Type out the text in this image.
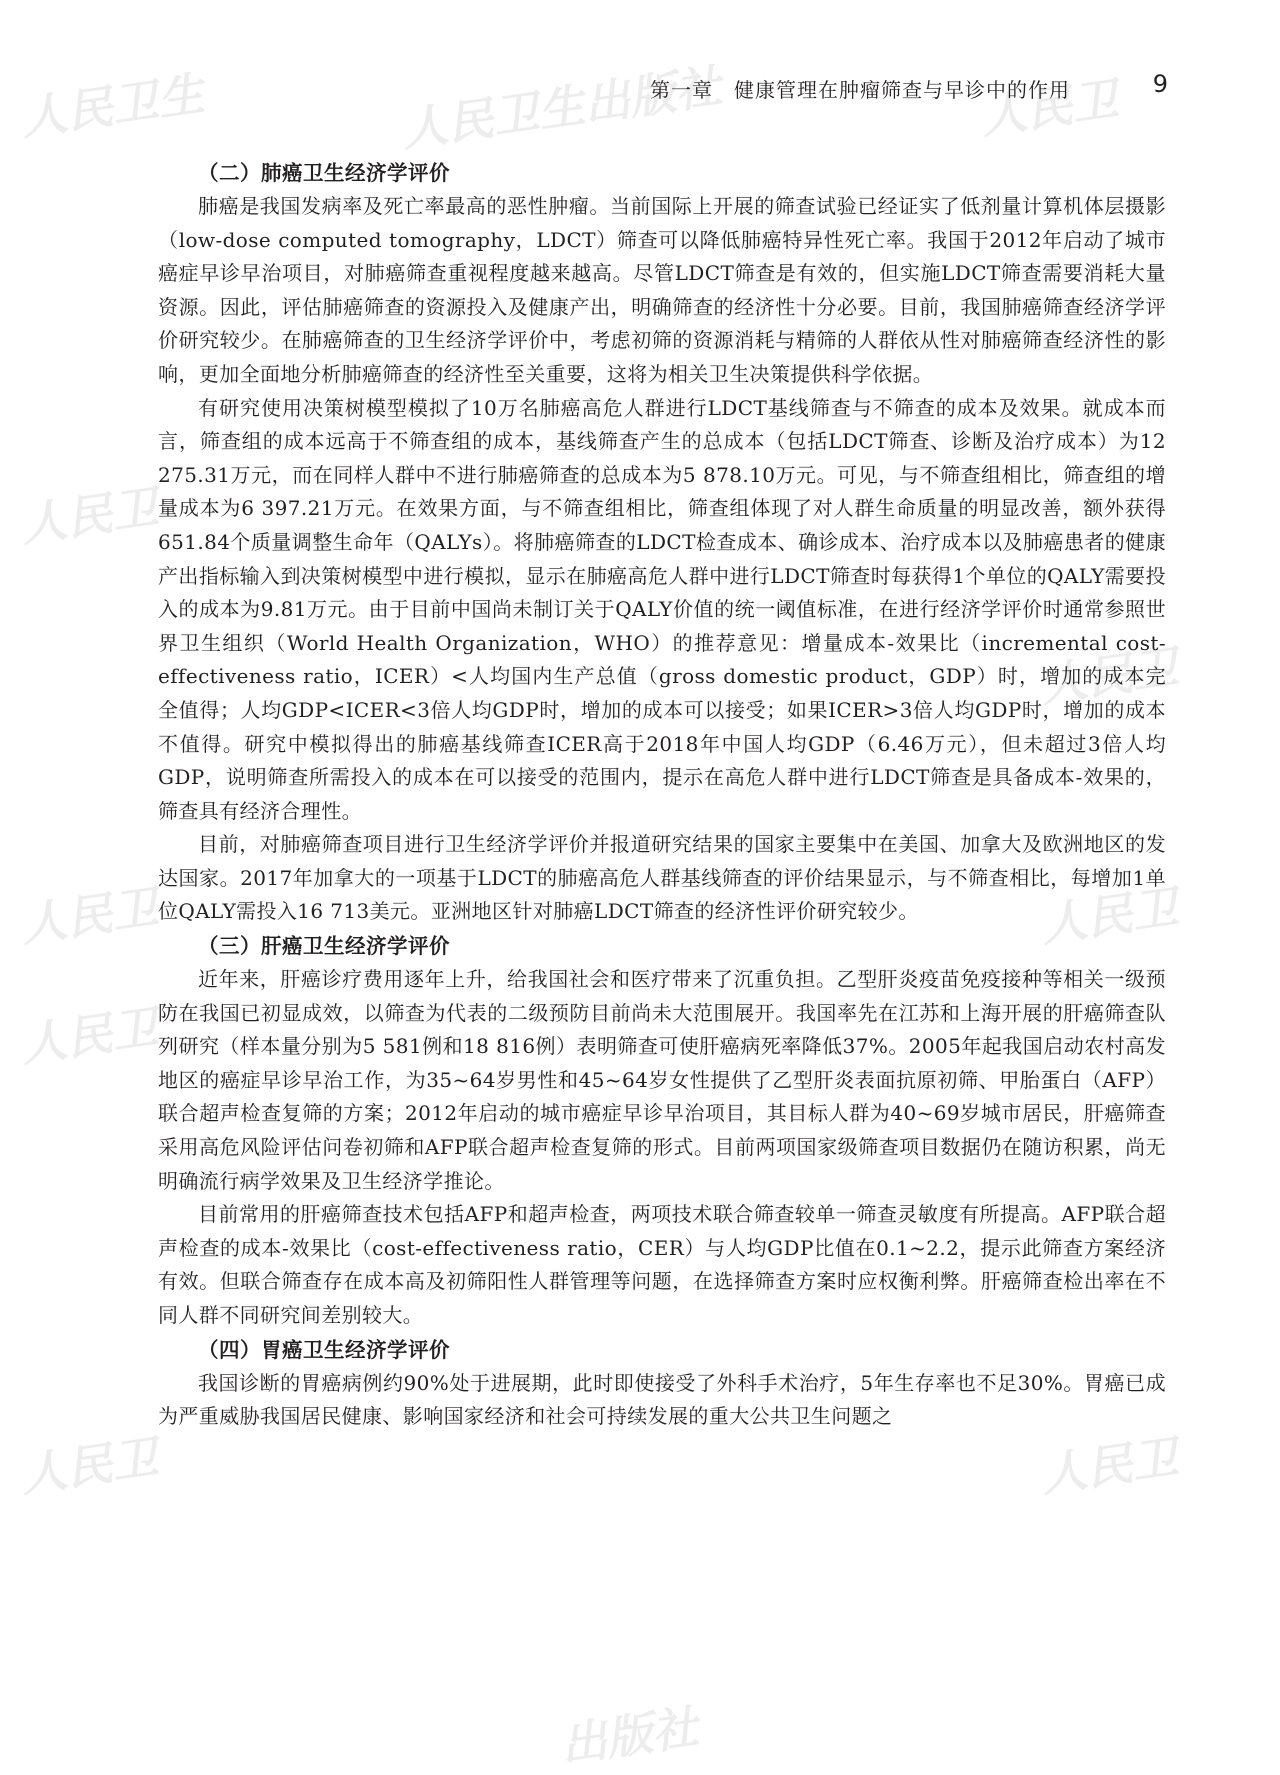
人民卫生	人民卫生出版社	人民卫
人民卫
人民卫
人民卫	人民卫
人民卫
人民卫	人民卫
出版社
第一章　健康管理在肿瘤筛查与早诊中的作用	9
（二）肺癌卫生经济学评价

肺癌是我国发病率及死亡率最高的恶性肿瘤。当前国际上开展的筛查试验已经证实了低剂量计算机体层摄影（low-dose computed tomography，LDCT）筛查可以降低肺癌特异性死亡率。我国于2012年启动了城市癌症早诊早治项目，对肺癌筛查重视程度越来越高。尽管LDCT筛查是有效的，但实施LDCT筛查需要消耗大量资源。因此，评估肺癌筛查的资源投入及健康产出，明确筛查的经济性十分必要。目前，我国肺癌筛查经济学评价研究较少。在肺癌筛查的卫生经济学评价中，考虑初筛的资源消耗与精筛的人群依从性对肺癌筛查经济性的影响，更加全面地分析肺癌筛查的经济性至关重要，这将为相关卫生决策提供科学依据。

有研究使用决策树模型模拟了10万名肺癌高危人群进行LDCT基线筛查与不筛查的成本及效果。就成本而言，筛查组的成本远高于不筛查组的成本，基线筛查产生的总成本（包括LDCT筛查、诊断及治疗成本）为12 275.31万元，而在同样人群中不进行肺癌筛查的总成本为5 878.10万元。可见，与不筛查组相比，筛查组的增量成本为6 397.21万元。在效果方面，与不筛查组相比，筛查组体现了对人群生命质量的明显改善，额外获得651.84个质量调整生命年（QALYs）。将肺癌筛查的LDCT检查成本、确诊成本、治疗成本以及肺癌患者的健康产出指标输入到决策树模型中进行模拟，显示在肺癌高危人群中进行LDCT筛查时每获得1个单位的QALY需要投入的成本为9.81万元。由于目前中国尚未制订关于QALY价值的统一阈值标准，在进行经济学评价时通常参照世界卫生组织（World Health Organization，WHO）的推荐意见：增量成本-效果比（incremental cost-effectiveness ratio，ICER）<人均国内生产总值（gross domestic product，GDP）时，增加的成本完全值得；人均GDP<ICER<3倍人均GDP时，增加的成本可以接受；如果ICER>3倍人均GDP时，增加的成本不值得。研究中模拟得出的肺癌基线筛查ICER高于2018年中国人均GDP（6.46万元），但未超过3倍人均GDP，说明筛查所需投入的成本在可以接受的范围内，提示在高危人群中进行LDCT筛查是具备成本-效果的，筛查具有经济合理性。

目前，对肺癌筛查项目进行卫生经济学评价并报道研究结果的国家主要集中在美国、加拿大及欧洲地区的发达国家。2017年加拿大的一项基于LDCT的肺癌高危人群基线筛查的评价结果显示，与不筛查相比，每增加1单位QALY需投入16 713美元。亚洲地区针对肺癌LDCT筛查的经济性评价研究较少。

（三）肝癌卫生经济学评价

近年来，肝癌诊疗费用逐年上升，给我国社会和医疗带来了沉重负担。乙型肝炎疫苗免疫接种等相关一级预防在我国已初显成效，以筛查为代表的二级预防目前尚未大范围展开。我国率先在江苏和上海开展的肝癌筛查队列研究（样本量分别为5 581例和18 816例）表明筛查可使肝癌病死率降低37%。2005年起我国启动农村高发地区的癌症早诊早治工作，为35~64岁男性和45~64岁女性提供了乙型肝炎表面抗原初筛、甲胎蛋白（AFP）联合超声检查复筛的方案；2012年启动的城市癌症早诊早治项目，其目标人群为40~69岁城市居民，肝癌筛查采用高危风险评估问卷初筛和AFP联合超声检查复筛的形式。目前两项国家级筛查项目数据仍在随访积累，尚无明确流行病学效果及卫生经济学推论。

目前常用的肝癌筛查技术包括AFP和超声检查，两项技术联合筛查较单一筛查灵敏度有所提高。AFP联合超声检查的成本-效果比（cost-effectiveness ratio，CER）与人均GDP比值在0.1~2.2，提示此筛查方案经济有效。但联合筛查存在成本高及初筛阳性人群管理等问题，在选择筛查方案时应权衡利弊。肝癌筛查检出率在不同人群不同研究间差别较大。

（四）胃癌卫生经济学评价

我国诊断的胃癌病例约90%处于进展期，此时即使接受了外科手术治疗，5年生存率也不足30%。胃癌已成为严重威胁我国居民健康、影响国家经济和社会可持续发展的重大公共卫生问题之
